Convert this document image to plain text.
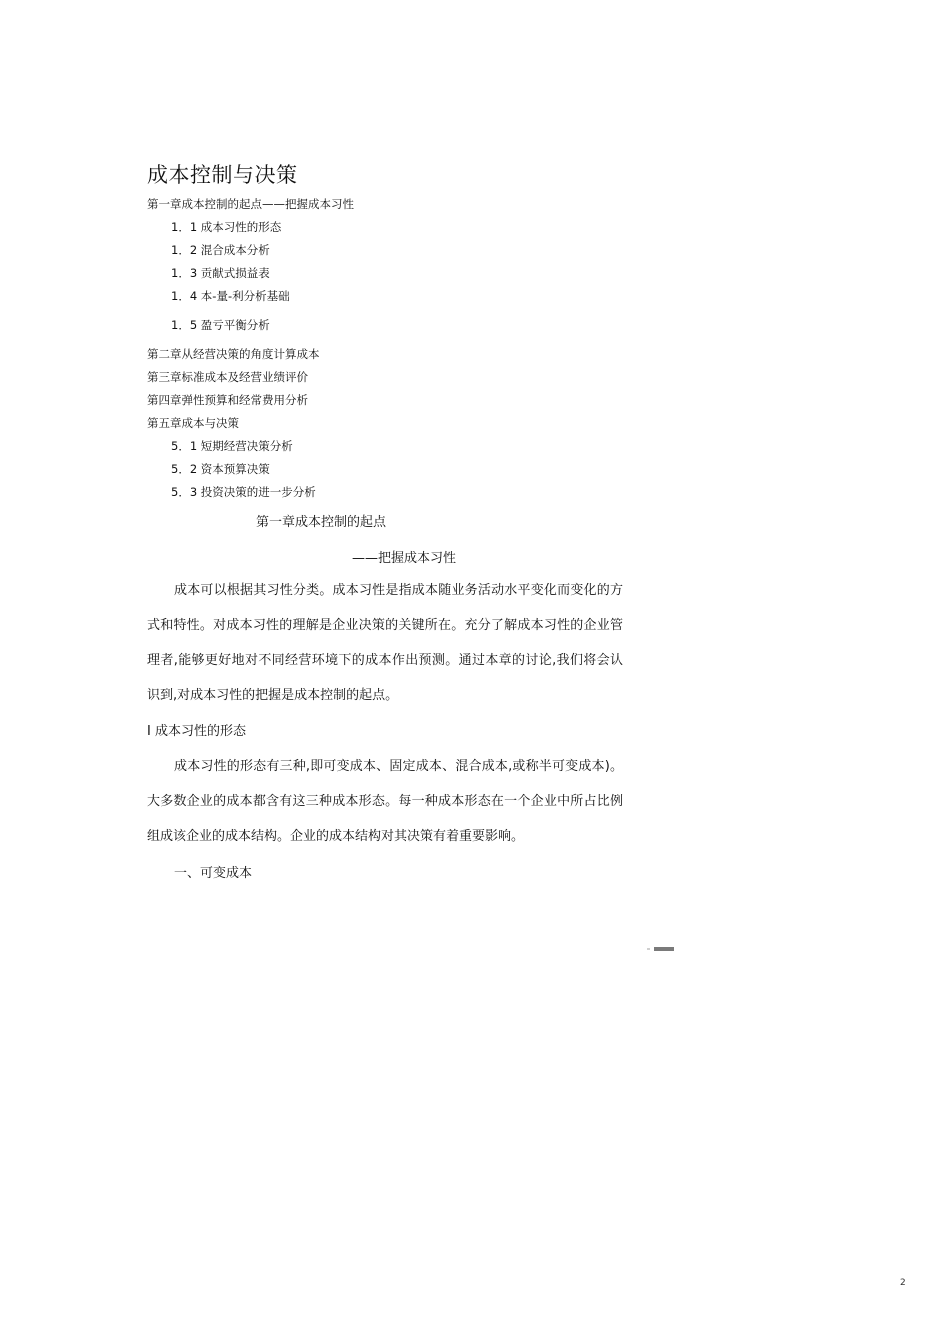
成本控制与决策
第一章成本控制的起点——把握成本习性
1．1 成本习性的形态
1．2 混合成本分析
1．3 贡献式损益表
1．4 本-量-利分析基础
1．5 盈亏平衡分析
第二章从经营决策的角度计算成本
第三章标准成本及经营业绩评价
第四章弹性预算和经常费用分析
第五章成本与决策
5．1 短期经营决策分析
5．2 资本预算决策
5．3 投资决策的进一步分析
第一章成本控制的起点
——把握成本习性
成本可以根据其习性分类。成本习性是指成本随业务活动水平变化而变化的方式和特性。对成本习性的理解是企业决策的关键所在。充分了解成本习性的企业管理者,能够更好地对不同经营环境下的成本作出预测。通过本章的讨论,我们将会认识到,对成本习性的把握是成本控制的起点。
I 成本习性的形态
成本习性的形态有三种,即可变成本、固定成本、混合成本,或称半可变成本)。大多数企业的成本都含有这三种成本形态。每一种成本形态在一个企业中所占比例组成该企业的成本结构。企业的成本结构对其决策有着重要影响。
一、可变成本
2
